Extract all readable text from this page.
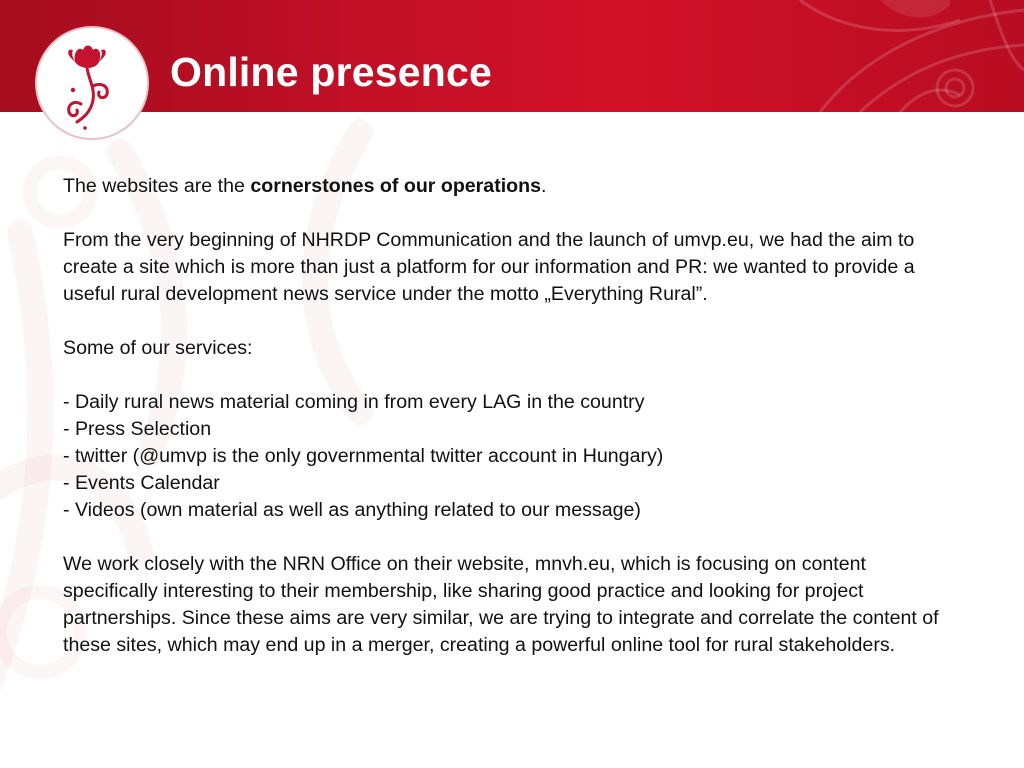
Online presence

The websites are the cornerstones of our operations.

From the very beginning of NHRDP Communication and the launch of umvp.eu, we had the aim to create a site which is more than just a platform for our information and PR: we wanted to provide a useful rural development news service under the motto „Everything Rural”.

Some of our services:

- Daily rural news material coming in from every LAG in the country

- Press Selection

- twitter (@umvp is the only governmental twitter account in Hungary)

- Events Calendar

- Videos (own material as well as anything related to our message)

We work closely with the NRN Office on their website, mnvh.eu, which is focusing on content specifically interesting to their membership, like sharing good practice and looking for project partnerships. Since these aims are very similar, we are trying to integrate and correlate the content of these sites, which may end up in a merger, creating a powerful online tool for rural stakeholders.
